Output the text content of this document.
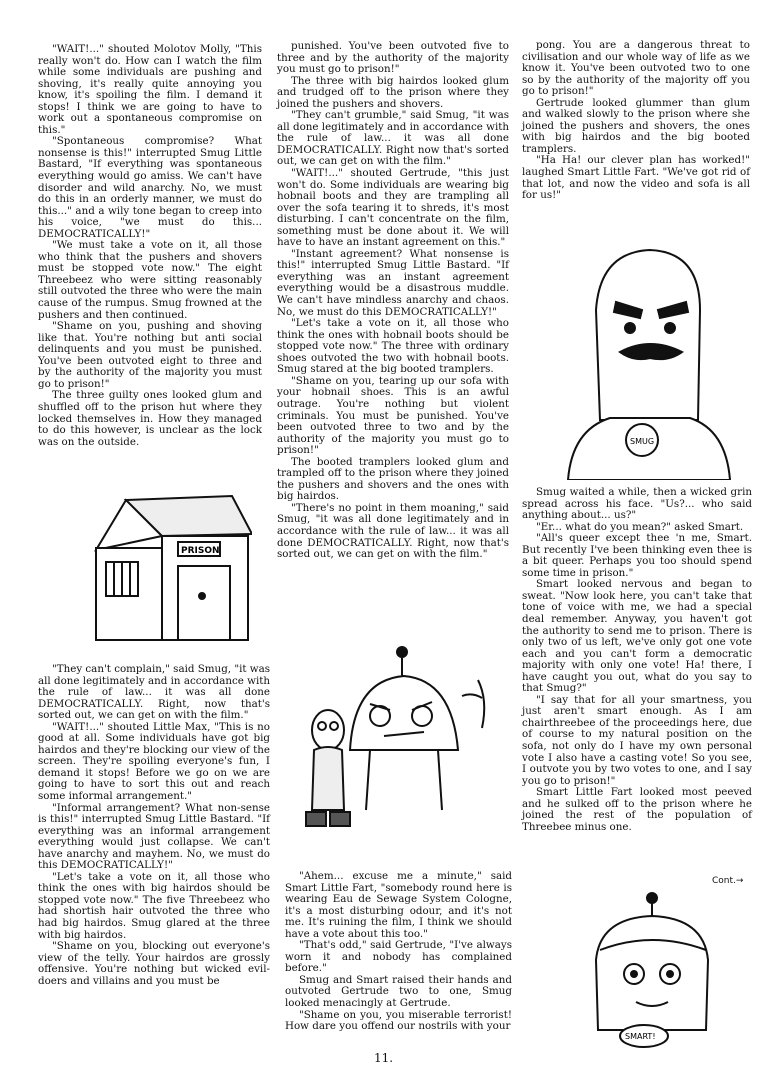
"WAIT!..." shouted Molotov Molly, "This really won't do. How can I watch the film while some individuals are pushing and shoving, it's really quite annoying you know, it's spoiling the film. I demand it stops! I think we are going to have to work out a spontaneous compromise on this."

"Spontaneous compromise? What nonsense is this!" interrupted Smug Little Bastard, "If everything was spontaneous everything would go amiss. We can't have disorder and wild anarchy. No, we must do this in an orderly manner, we must do this..." and a wily tone began to creep into his voice, "we must do this... DEMOCRATICALLY!"

"We must take a vote on it, all those who think that the pushers and shovers must be stopped vote now." The eight Threebeez who were sitting reasonably still outvoted the three who were the main cause of the rumpus. Smug frowned at the pushers and then continued.

"Shame on you, pushing and shoving like that. You're nothing but anti social delinquents and you must be punished. You've been outvoted eight to three and by the authority of the majority you must go to prison!"

The three guilty ones looked glum and shuffled off to the prison hut where they locked themselves in. How they managed to do this however, is unclear as the lock was on the outside.

PRISON

"They can't complain," said Smug, "it was all done legitimately and in accordance with the rule of law... it was all done DEMOCRATICALLY. Right, now that's sorted out, we can get on with the film."

"WAIT!..." shouted Little Max, "This is no good at all. Some individuals have got big hairdos and they're blocking our view of the screen. They're spoiling everyone's fun, I demand it stops! Before we go on we are going to have to sort this out and reach some informal arrangement."

"Informal arrangement? What non-sense is this!" interrupted Smug Little Bastard. "If everything was an informal arrangement everything would just collapse. We can't have anarchy and mayhem. No, we must do this DEMOCRATICALLY!"

"Let's take a vote on it, all those who think the ones with big hairdos should be stopped vote now." The five Threebeez who had shortish hair outvoted the three who had big hairdos. Smug glared at the three with big hairdos.

"Shame on you, blocking out everyone's view of the telly. Your hairdos are grossly offensive. You're nothing but wicked evil-doers and villains and you must be

punished. You've been outvoted five to three and by the authority of the majority you must go to prison!"

The three with big hairdos looked glum and trudged off to the prison where they joined the pushers and shovers.

"They can't grumble," said Smug, "it was all done legitimately and in accordance with the rule of law... it was all done DEMOCRATICALLY. Right now that's sorted out, we can get on with the film."

"WAIT!..." shouted Gertrude, "this just won't do. Some individuals are wearing big hobnail boots and they are trampling all over the sofa tearing it to shreds, it's most disturbing. I can't concentrate on the film, something must be done about it. We will have to have an instant agreement on this."

"Instant agreement? What nonsense is this!" interrupted Smug Little Bastard. "If everything was an instant agreement everything would be a disastrous muddle. We can't have mindless anarchy and chaos. No, we must do this DEMOCRATICALLY!"

"Let's take a vote on it, all those who think the ones with hobnail boots should be stopped vote now." The three with ordinary shoes outvoted the two with hobnail boots. Smug stared at the big booted tramplers.

"Shame on you, tearing up our sofa with your hobnail shoes. This is an awful outrage. You're nothing but violent criminals. You must be punished. You've been outvoted three to two and by the authority of the majority you must go to prison!"

The booted tramplers looked glum and trampled off to the prison where they joined the pushers and shovers and the ones with big hairdos.

"There's no point in them moaning," said Smug, "it was all done legitimately and in accordance with the rule of law... it was all done DEMOCRATICALLY. Right, now that's sorted out, we can get on with the film."

"Ahem... excuse me a minute," said Smart Little Fart, "somebody round here is wearing Eau de Sewage System Cologne, it's a most disturbing odour, and it's not me. It's ruining the film, I think we should have a vote about this too."

"That's odd," said Gertrude, "I've always worn it and nobody has complained before."

Smug and Smart raised their hands and outvoted Gertrude two to one, Smug looked menacingly at Gertrude.

"Shame on you, you miserable terrorist! How dare you offend our nostrils with your

pong. You are a dangerous threat to civilisation and our whole way of life as we know it. You've been outvoted two to one so by the authority of the majority off you go to prison!"

Gertrude looked glummer than glum and walked slowly to the prison where she joined the pushers and shovers, the ones with big hairdos and the big booted tramplers.

"Ha Ha! our clever plan has worked!" laughed Smart Little Fart. "We've got rid of that lot, and now the video and sofa is all for us!"

SMUG

Smug waited a while, then a wicked grin spread across his face. "Us?... who said anything about... us?"

"Er... what do you mean?" asked Smart.

"All's queer except thee 'n me, Smart. But recently I've been thinking even thee is a bit queer. Perhaps you too should spend some time in prison."

Smart looked nervous and began to sweat. "Now look here, you can't take that tone of voice with me, we had a special deal remember. Anyway, you haven't got the authority to send me to prison. There is only two of us left, we've only got one vote each and you can't form a democratic majority with only one vote! Ha! there, I have caught you out, what do you say to that Smug?"

"I say that for all your smartness, you just aren't smart enough. As I am chairthreebee of the proceedings here, due of course to my natural position on the sofa, not only do I have my own personal vote I also have a casting vote! So you see, I outvote you by two votes to one, and I say you go to prison!"

Smart Little Fart looked most peeved and he sulked off to the prison where he joined the rest of the population of Threebee minus one.

Cont.→
SMART!
11.
